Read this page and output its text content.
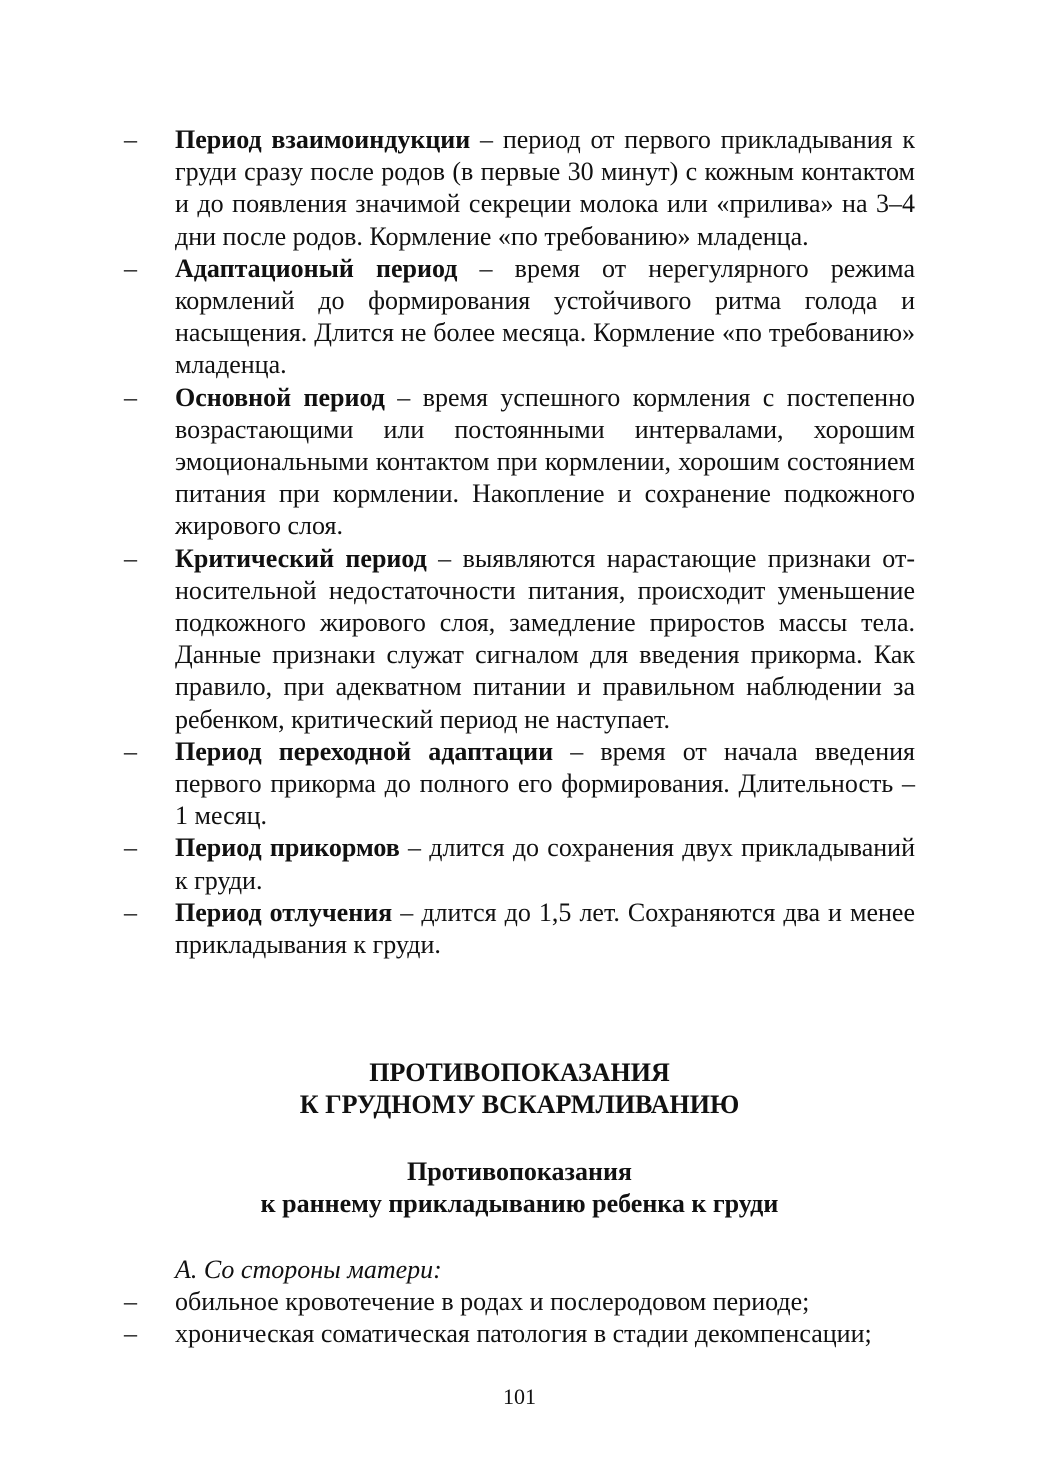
–	Период взаимоиндукции – период от первого прикладывания к груди сразу после родов (в первые 30 минут) с кожным контактом и до появления значимой секреции молока или «прилива» на 3–4 дни после родов. Кормление «по требованию» младенца.
–	Адаптационый период – время от нерегулярного режима кормлений до формирования устойчивого ритма голода и насыщения. Длится не более месяца. Кормление «по требованию» младенца.
–	Основной период – время успешного кормления с постепенно возрастающими или постоянными интервалами, хорошим эмоциональными контактом при кормлении, хорошим состоянием питания при кормлении. Накопление и сохранение подкожного жирового слоя.
–	Критический период – выявляются нарастающие признаки относительной недостаточности питания, происходит уменьшение подкожного жирового слоя, замедление приростов массы тела. Данные признаки служат сигналом для введения прикорма. Как правило, при адекватном питании и правильном наблюдении за ребенком, критический период не наступает.
–	Период переходной адаптации – время от начала введения первого прикорма до полного его формирования. Длительность – 1 месяц.
–	Период прикормов – длится до сохранения двух прикладываний к груди.
–	Период отлучения – длится до 1,5 лет. Сохраняются два и менее прикладывания к груди.
ПРОТИВОПОКАЗАНИЯ
К ГРУДНОМУ ВСКАРМЛИВАНИЮ
Противопоказания
к раннему прикладыванию ребенка к груди
А. Со стороны матери:
–	обильное кровотечение в родах и послеродовом периоде;
–	хроническая соматическая патология в стадии декомпенсации;
101
